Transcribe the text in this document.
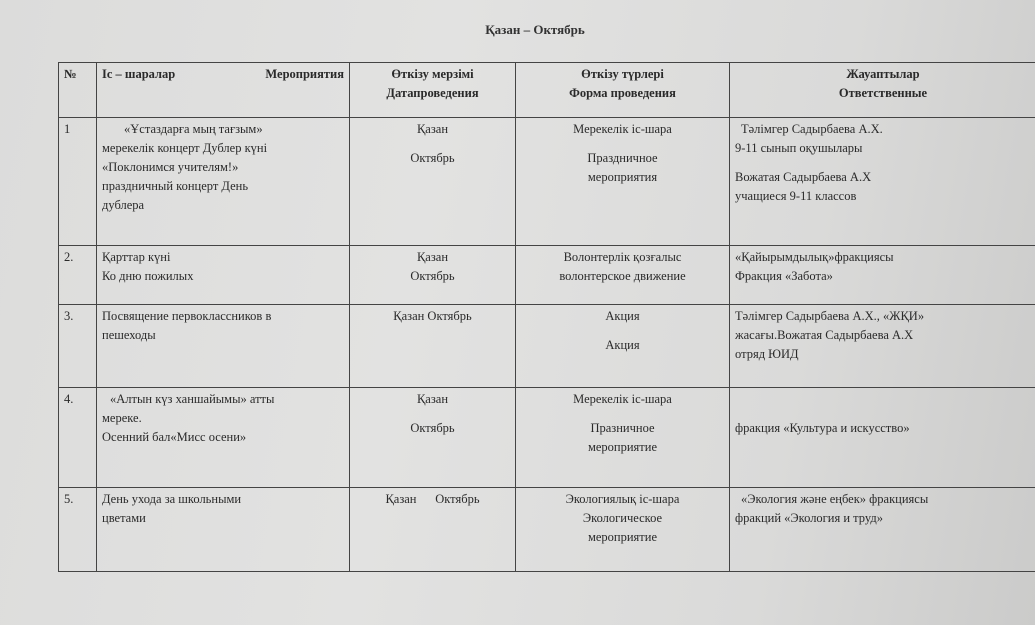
Қазан – Октябрь
№	Іс – шаралар Мероприятия	Өткізу мерзімі
Датапроведения	Өткізу түрлері
Форма проведения	Жауаптылар
Ответственные

1	«Ұстаздарға мың тағзым»
мерекелік концерт Дублер күні
«Поклонимся учителям!»
праздничный концерт День
дублера	Қазан
Октябрь	Мерекелік іс-шара
Праздничное
мероприятия	Тәлімгер Садырбаева А.Х.
9-11 сынып оқушылары
Вожатая Садырбаева А.Х
учащиеся 9-11 классов

2.	Қарттар күні
Ко дню пожилых	Қазан
Октябрь	Волонтерлік қозғалыс
волонтерское движение	«Қайырымдылық»фракциясы
Фракция «Забота»

3.	Посвящение первоклассников в
пешеходы	Қазан Октябрь	Акция
Акция	Тәлімгер Садырбаева А.Х., «ЖҚИ»
жасағы.Вожатая Садырбаева А.Х
отряд ЮИД

4.	«Алтын күз ханшайымы» атты
мереке.
Осенний бал«Мисс осени»	Қазан
Октябрь	Мерекелік іс-шара
Празничное
мероприятие	фракция «Культура и искусство»

5.	День ухода за школьными
цветами	Қазан      Октябрь	Экологиялық іс-шара
Экологическое
мероприятие	«Экология және еңбек» фракциясы
фракций «Экология и труд»
